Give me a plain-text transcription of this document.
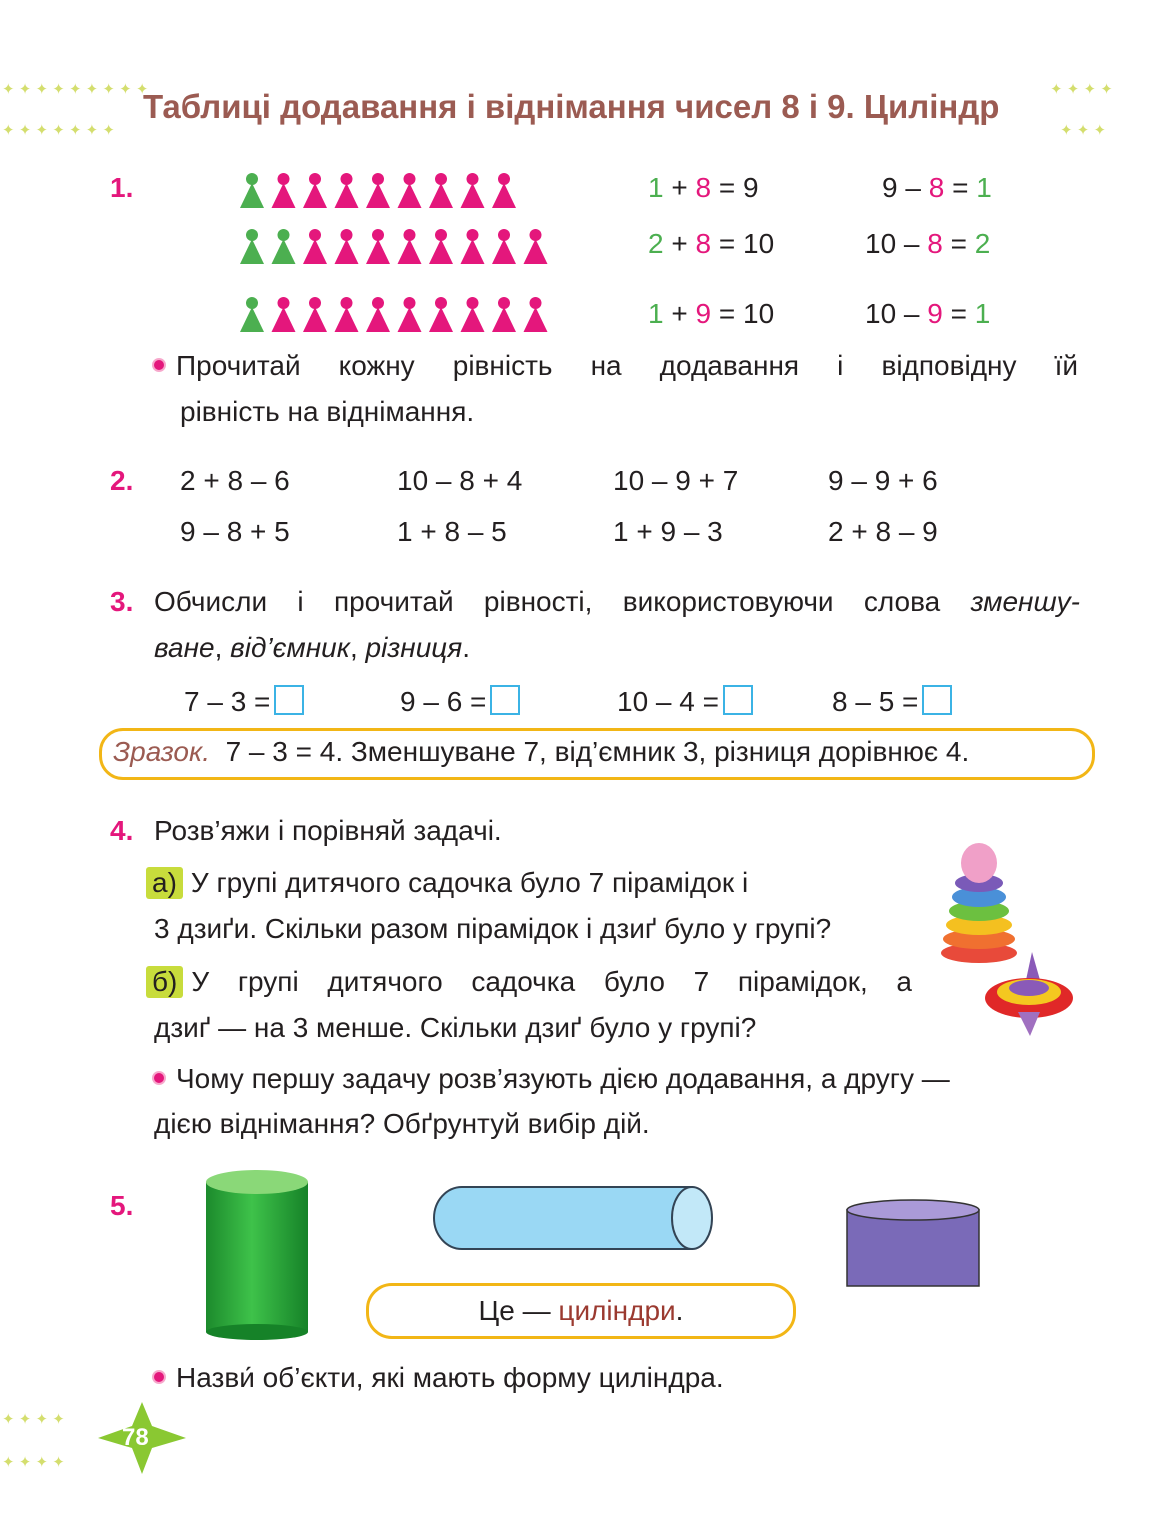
✦ ✦ ✦ ✦ ✦ ✦ ✦ ✦ ✦
✦ ✦ ✦ ✦ ✦ ✦ ✦
✦ ✦ ✦ ✦
✦ ✦ ✦
✦ ✦ ✦ ✦
✦ ✦ ✦ ✦
Таблиці додавання і віднімання чисел 8 і 9. Циліндр
1.	1 + 8 = 9	9 – 8 = 1
2 + 8 = 10	10 – 8 = 2
1 + 9 = 10	10 – 9 = 1
Прочитай кожну рівність на додавання і відповідну їй
рівність на віднімання.
2. 2 + 8 – 6	10 – 8 + 4	10 – 9 + 7	9 – 9 + 6
9 – 8 + 5	1 + 8 – 5	1 + 9 – 3	2 + 8 – 9
3. Обчисли і прочитай рівності, використовуючи слова зменшу-
ване, від’ємник, різниця.
7 – 3 =	9 – 6 =	10 – 4 =	8 – 5 =
Зразок. 7 – 3 = 4. Зменшуване 7, від’ємник 3, різниця дорівнює 4.
4. Розв’яжи і порівняй задачі.
а) У групі дитячого садочка було 7 пірамідок і
3 дзиґи. Скільки разом пірамідок і дзиґ було у групі?
б) У групі дитячого садочка було 7 пірамідок, а
дзиґ — на 3 менше. Скільки дзиґ було у групі?
Чому першу задачу розв’язують дією додавання, а другу —
дією віднімання? Обґрунтуй вибір дій.
5.
Це — циліндри.
Назви́ об’єкти, які мають форму циліндра.
78
